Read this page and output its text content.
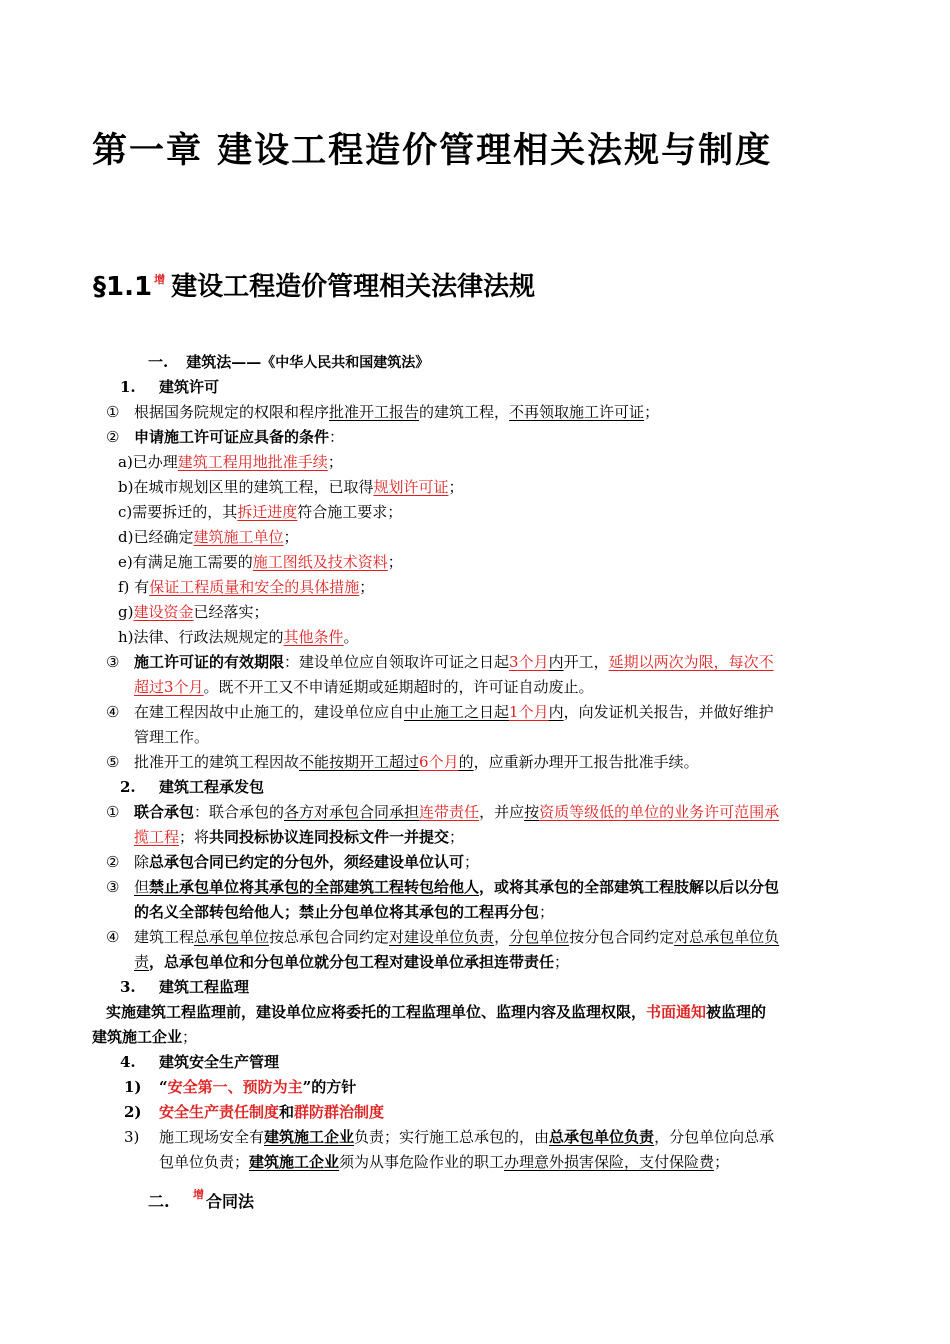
第一章 建设工程造价管理相关法规与制度
§1.1 $^增$ 建设工程造价管理相关法律法规
一. 建筑法——《中华人民共和国建筑法》
1. 建筑许可
① 根据国务院规定的权限和程序批准开工报告的建筑工程，不再领取施工许可证；
② 申请施工许可证应具备的条件：
a)已办理建筑工程用地批准手续；
b)在城市规划区里的建筑工程，已取得规划许可证；
c)需要拆迁的，其拆迁进度符合施工要求；
d)已经确定建筑施工单位；
e)有满足施工需要的施工图纸及技术资料；
f) 有保证工程质量和安全的具体措施；
g)建设资金已经落实；
h)法律、行政法规规定的其他条件。
③ 施工许可证的有效期限：建设单位应自领取许可证之日起3个月内开工，延期以两次为限，每次不
超过3个月。既不开工又不申请延期或延期超时的，许可证自动废止。
④ 在建工程因故中止施工的，建设单位应自中止施工之日起1个月内，向发证机关报告，并做好维护
管理工作。
⑤ 批准开工的建筑工程因故不能按期开工超过6个月的，应重新办理开工报告批准手续。
2. 建筑工程承发包
① 联合承包：联合承包的各方对承包合同承担连带责任，并应按资质等级低的单位的业务许可范围承
揽工程；将共同投标协议连同投标文件一并提交；
② 除总承包合同已约定的分包外，须经建设单位认可；
③ 但禁止承包单位将其承包的全部建筑工程转包给他人，或将其承包的全部建筑工程肢解以后以分包
的名义全部转包给他人；禁止分包单位将其承包的工程再分包；
④ 建筑工程总承包单位按总承包合同约定对建设单位负责，分包单位按分包合同约定对总承包单位负
责，总承包单位和分包单位就分包工程对建设单位承担连带责任；
3. 建筑工程监理
实施建筑工程监理前，建设单位应将委托的工程监理单位、监理内容及监理权限，书面通知被监理的
建筑施工企业；
4. 建筑安全生产管理
1) “安全第一、预防为主”的方针
2) 安全生产责任制度和群防群治制度
3) 施工现场安全有建筑施工企业负责；实行施工总承包的，由总承包单位负责，分包单位向总承
包单位负责；建筑施工企业须为从事危险作业的职工办理意外损害保险，支付保险费；
二. $^增$ 合同法
